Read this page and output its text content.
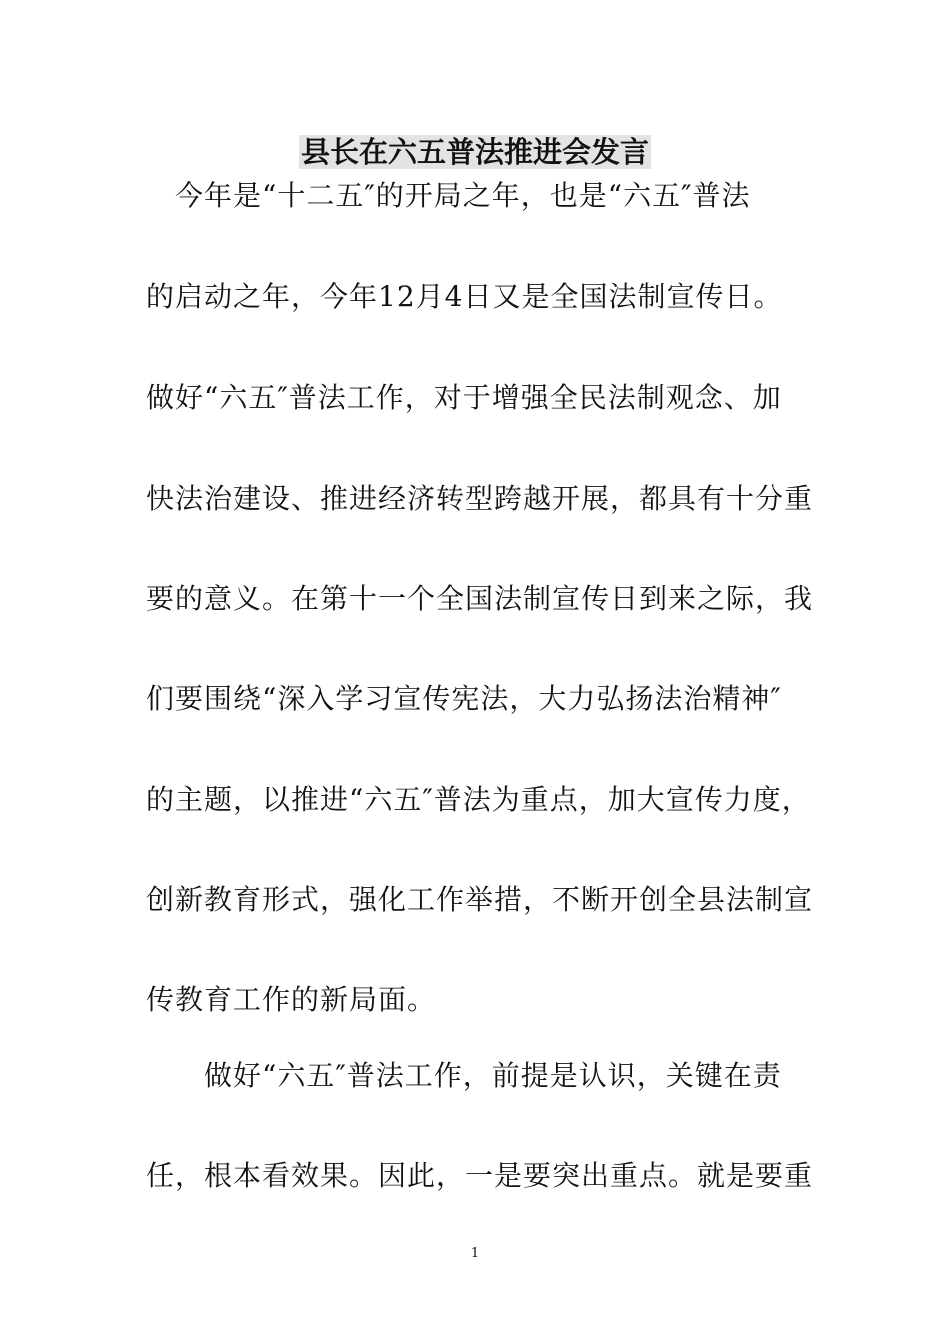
县长在六五普法推进会发言
　今年是“十二五″的开局之年，也是“六五″普法
的启动之年，今年12月4日又是全国法制宣传日。
做好“六五″普法工作，对于增强全民法制观念、加
快法治建设、推进经济转型跨越开展，都具有十分重
要的意义。在第十一个全国法制宣传日到来之际，我
们要围绕“深入学习宣传宪法，大力弘扬法治精神″
的主题，以推进“六五″普法为重点，加大宣传力度，
创新教育形式，强化工作举措，不断开创全县法制宣
传教育工作的新局面。
　　做好“六五″普法工作，前提是认识，关键在责
任，根本看效果。因此，一是要突出重点。就是要重
1
